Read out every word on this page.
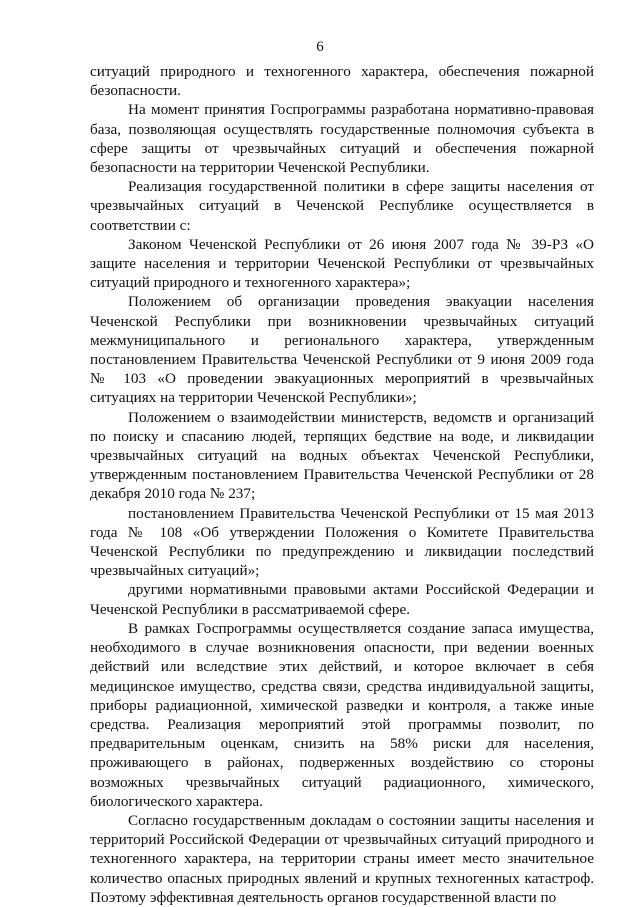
6

ситуаций природного и техногенного характера, обеспечения пожарной безопасности.

На момент принятия Госпрограммы разработана нормативно-правовая база, позволяющая осуществлять государственные полномочия субъекта в сфере защиты от чрезвычайных ситуаций и обеспечения пожарной безопасности на территории Чеченской Республики.

Реализация государственной политики в сфере защиты населения от чрезвычайных ситуаций в Чеченской Республике осуществляется в соответствии с:

Законом Чеченской Республики от 26 июня 2007 года № 39-РЗ «О защите населения и территории Чеченской Республики от чрезвычайных ситуаций природного и техногенного характера»;

Положением об организации проведения эвакуации населения Чеченской Республики при возникновении чрезвычайных ситуаций межмуниципального и регионального характера, утвержденным постановлением Правительства Чеченской Республики от 9 июня 2009 года № 103 «О проведении эвакуационных мероприятий в чрезвычайных ситуациях на территории Чеченской Республики»;

Положением о взаимодействии министерств, ведомств и организаций по поиску и спасанию людей, терпящих бедствие на воде, и ликвидации чрезвычайных ситуаций на водных объектах Чеченской Республики, утвержденным постановлением Правительства Чеченской Республики от 28 декабря 2010 года № 237;

постановлением Правительства Чеченской Республики от 15 мая 2013 года № 108 «Об утверждении Положения о Комитете Правительства Чеченской Республики по предупреждению и ликвидации последствий чрезвычайных ситуаций»;

другими нормативными правовыми актами Российской Федерации и Чеченской Республики в рассматриваемой сфере.

В рамках Госпрограммы осуществляется создание запаса имущества, необходимого в случае возникновения опасности, при ведении военных действий или вследствие этих действий, и которое включает в себя медицинское имущество, средства связи, средства индивидуальной защиты, приборы радиационной, химической разведки и контроля, а также иные средства. Реализация мероприятий этой программы позволит, по предварительным оценкам, снизить на 58% риски для населения, проживающего в районах, подверженных воздействию со стороны возможных чрезвычайных ситуаций радиационного, химического, биологического характера.

Согласно государственным докладам о состоянии защиты населения и территорий Российской Федерации от чрезвычайных ситуаций природного и техногенного характера, на территории страны имеет место значительное количество опасных природных явлений и крупных техногенных катастроф. Поэтому эффективная деятельность органов государственной власти по
